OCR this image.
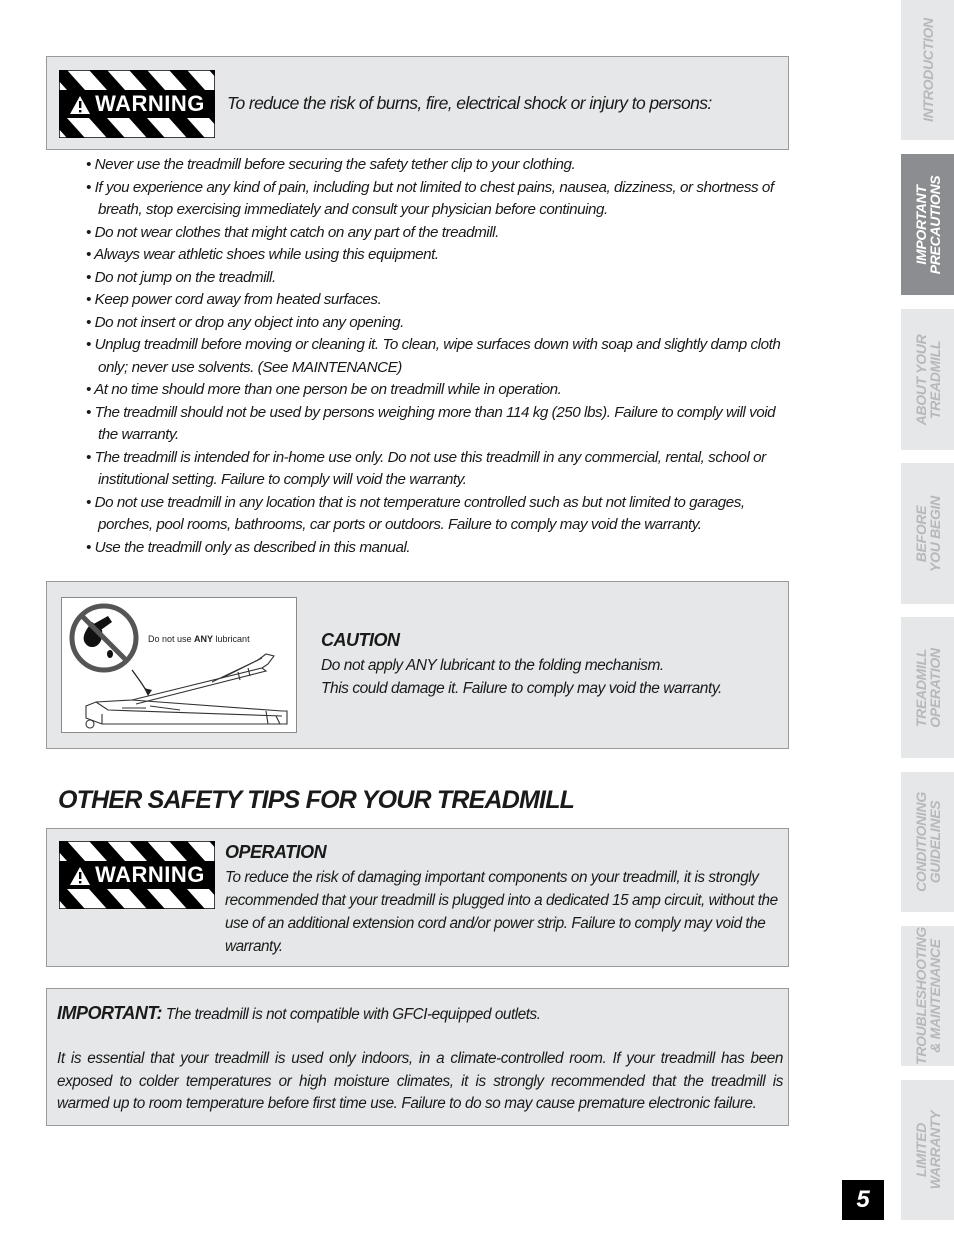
WARNING	To reduce the risk of burns, fire, electrical shock or injury to persons:
• Never use the treadmill before securing the safety tether clip to your clothing.
• If you experience any kind of pain, including but not limited to chest pains, nausea, dizziness, or shortness of breath, stop exercising immediately and consult your physician before continuing.
• Do not wear clothes that might catch on any part of the treadmill.
• Always wear athletic shoes while using this equipment.
• Do not jump on the treadmill.
• Keep power cord away from heated surfaces.
• Do not insert or drop any object into any opening.
• Unplug treadmill before moving or cleaning it. To clean, wipe surfaces down with soap and slightly damp cloth only; never use solvents. (See MAINTENANCE)
• At no time should more than one person be on treadmill while in operation.
• The treadmill should not be used by persons weighing more than 114 kg (250 lbs). Failure to comply will void the warranty.
• The treadmill is intended for in-home use only. Do not use this treadmill in any commercial, rental, school or institutional setting. Failure to comply will void the warranty.
• Do not use treadmill in any location that is not temperature controlled such as but not limited to garages, porches, pool rooms, bathrooms, car ports or outdoors. Failure to comply may void the warranty.
• Use the treadmill only as described in this manual.
Do not use ANY lubricant	CAUTION
Do not apply ANY lubricant to the folding mechanism.
This could damage it. Failure to comply may void the warranty.
OTHER SAFETY TIPS FOR YOUR TREADMILL
WARNING
OPERATION
To reduce the risk of damaging important components on your treadmill, it is strongly recommended that your treadmill is plugged into a dedicated 15 amp circuit, without the use of an additional extension cord and/or power strip. Failure to comply may void the warranty.
IMPORTANT: The treadmill is not compatible with GFCI-equipped outlets.
It is essential that your treadmill is used only indoors, in a climate-controlled room. If your treadmill has been exposed to colder temperatures or high moisture climates, it is strongly recommended that the treadmill is warmed up to room temperature before first time use. Failure to do so may cause premature electronic failure.
INTRODUCTION
IMPORTANT
PRECAUTIONS
ABOUT YOUR
TREADMILL
BEFORE
YOU BEGIN
TREADMILL
OPERATION
CONDITIONING
GUIDELINES
TROUBLESHOOTING
& MAINTENANCE
LIMITED
WARRANTY
5
